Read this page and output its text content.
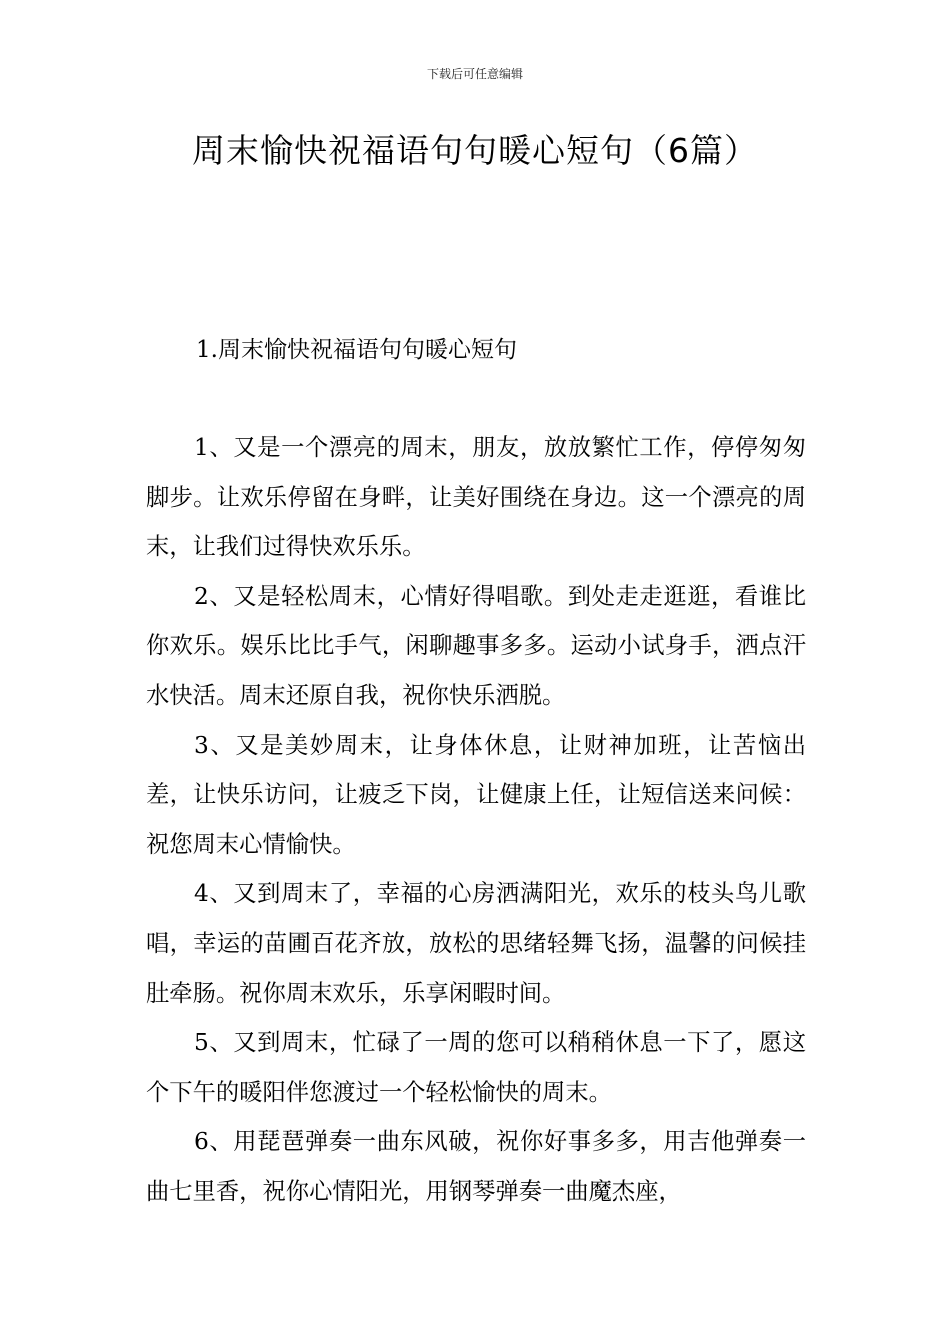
下载后可任意编辑
周末愉快祝福语句句暖心短句（6篇）
1.周末愉快祝福语句句暖心短句

1、又是一个漂亮的周末，朋友，放放繁忙工作，停停匆匆脚步。让欢乐停留在身畔，让美好围绕在身边。这一个漂亮的周末，让我们过得快欢乐乐。

2、又是轻松周末，心情好得唱歌。到处走走逛逛，看谁比你欢乐。娱乐比比手气，闲聊趣事多多。运动小试身手，洒点汗水快活。周末还原自我，祝你快乐洒脱。

3、又是美妙周末，让身体休息，让财神加班，让苦恼出差，让快乐访问，让疲乏下岗，让健康上任，让短信送来问候：祝您周末心情愉快。

4、又到周末了，幸福的心房洒满阳光，欢乐的枝头鸟儿歌唱，幸运的苗圃百花齐放，放松的思绪轻舞飞扬，温馨的问候挂肚牵肠。祝你周末欢乐，乐享闲暇时间。

5、又到周末，忙碌了一周的您可以稍稍休息一下了，愿这个下午的暖阳伴您渡过一个轻松愉快的周末。

6、用琵琶弹奏一曲东风破，祝你好事多多，用吉他弹奏一曲七里香，祝你心情阳光，用钢琴弹奏一曲魔杰座，
